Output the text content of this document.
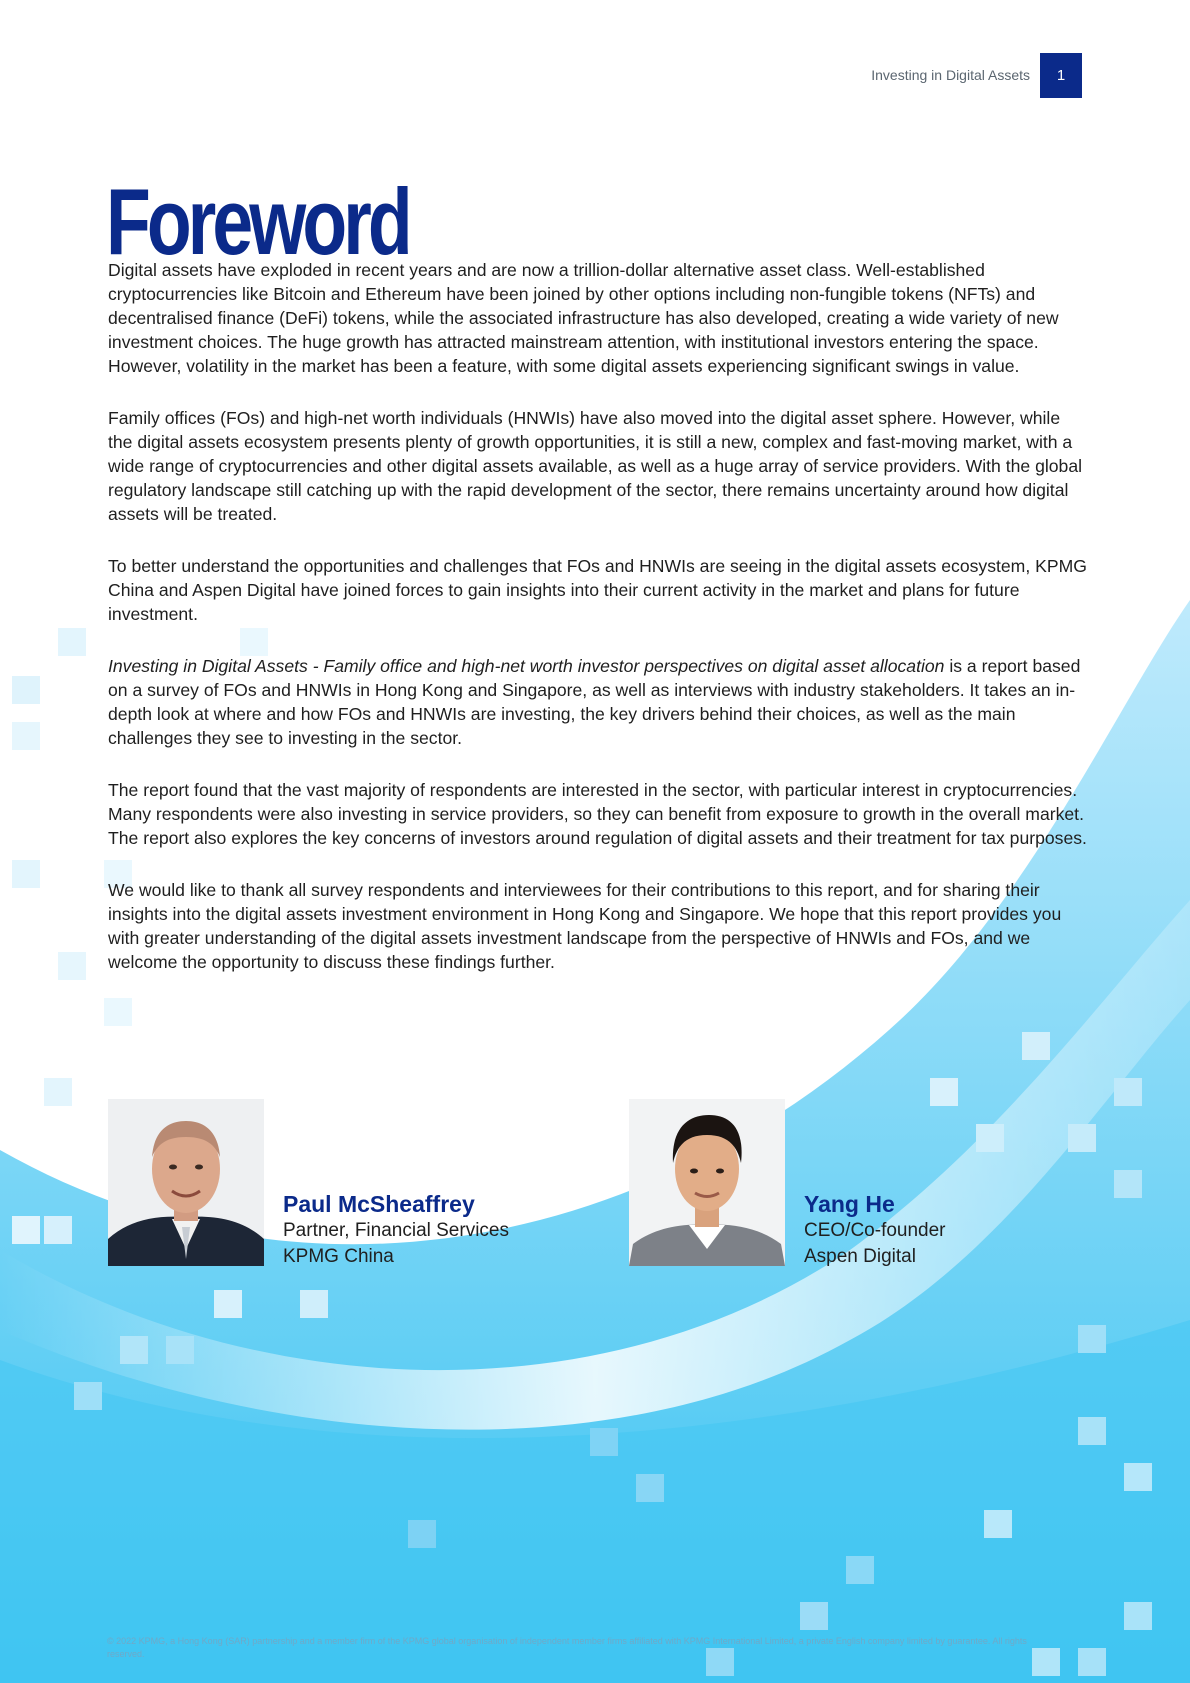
Investing in Digital Assets 1
Foreword

Digital assets have exploded in recent years and are now a trillion-dollar alternative asset class. Well-established cryptocurrencies like Bitcoin and Ethereum have been joined by other options including non-fungible tokens (NFTs) and decentralised finance (DeFi) tokens, while the associated infrastructure has also developed, creating a wide variety of new investment choices. The huge growth has attracted mainstream attention, with institutional investors entering the space. However, volatility in the market has been a feature, with some digital assets experiencing significant swings in value.

Family offices (FOs) and high-net worth individuals (HNWIs) have also moved into the digital asset sphere. However, while the digital assets ecosystem presents plenty of growth opportunities, it is still a new, complex and fast-moving market, with a wide range of cryptocurrencies and other digital assets available, as well as a huge array of service providers. With the global regulatory landscape still catching up with the rapid development of the sector, there remains uncertainty around how digital assets will be treated.

To better understand the opportunities and challenges that FOs and HNWIs are seeing in the digital assets ecosystem, KPMG China and Aspen Digital have joined forces to gain insights into their current activity in the market and plans for future investment.

Investing in Digital Assets - Family office and high-net worth investor perspectives on digital asset allocation is a report based on a survey of FOs and HNWIs in Hong Kong and Singapore, as well as interviews with industry stakeholders. It takes an in-depth look at where and how FOs and HNWIs are investing, the key drivers behind their choices, as well as the main challenges they see to investing in the sector.

The report found that the vast majority of respondents are interested in the sector, with particular interest in cryptocurrencies. Many respondents were also investing in service providers, so they can benefit from exposure to growth in the overall market. The report also explores the key concerns of investors around regulation of digital assets and their treatment for tax purposes.

We would like to thank all survey respondents and interviewees for their contributions to this report, and for sharing their insights into the digital assets investment environment in Hong Kong and Singapore. We hope that this report provides you with greater understanding of the digital assets investment landscape from the perspective of HNWIs and FOs, and we welcome the opportunity to discuss these findings further.

Paul McSheaffrey
Partner, Financial Services
KPMG China
Yang He
CEO/Co-founder
Aspen Digital
© 2022 KPMG, a Hong Kong (SAR) partnership and a member firm of the KPMG global organisation of independent member firms affiliated with KPMG International Limited, a private English company limited by guarantee. All rights reserved.
